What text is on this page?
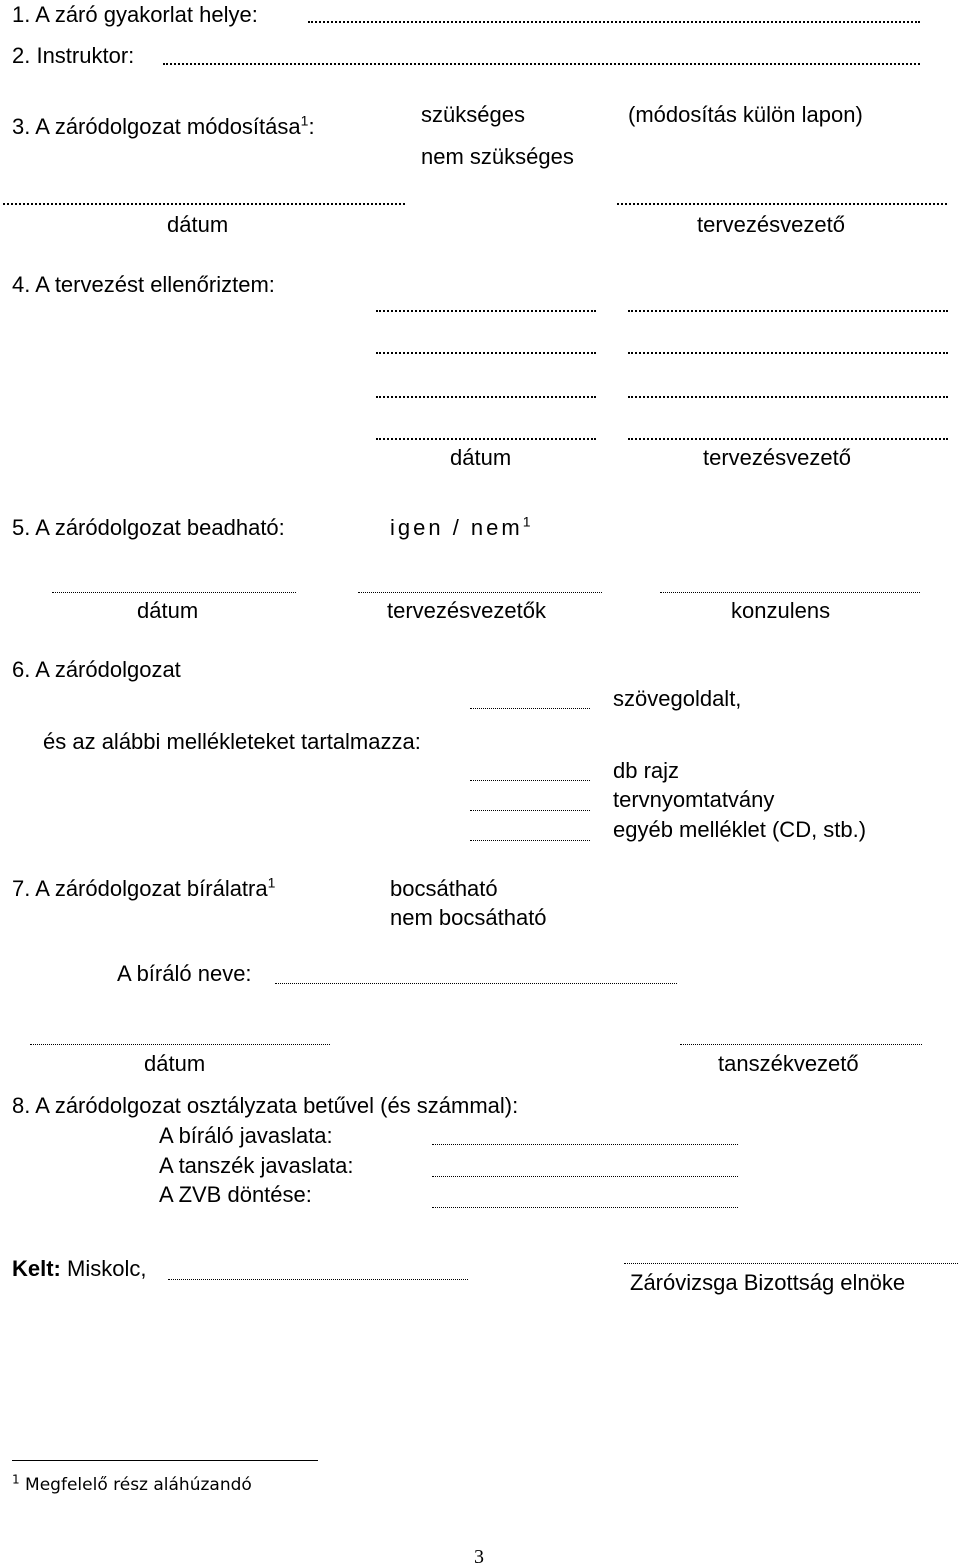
1. A záró gyakorlat helye:
2. Instruktor:
3. A záródolgozat módosítása$^1$:	szükséges	(módosítás külön lapon)
nem szükséges
dátum	tervezésvezető
4. A tervezést ellenőriztem:
dátum	tervezésvezető
5. A záródolgozat beadható:	igen / nem$^1$
dátum	tervezésvezetők	konzulens
6. A záródolgozat
szövegoldalt,
és az alábbi mellékleteket tartalmazza:
db rajz
tervnyomtatvány
egyéb melléklet (CD, stb.)
7. A záródolgozat bírálatra$^1$	bocsátható
nem bocsátható
A bíráló neve:
dátum	tanszékvezető
8. A záródolgozat osztályzata betűvel (és számmal):
A bíráló javaslata:
A tanszék javaslata:
A ZVB döntése:
Kelt: Miskolc,
Záróvizsga Bizottság elnöke
$^1$ Megfelelő rész aláhúzandó
3
